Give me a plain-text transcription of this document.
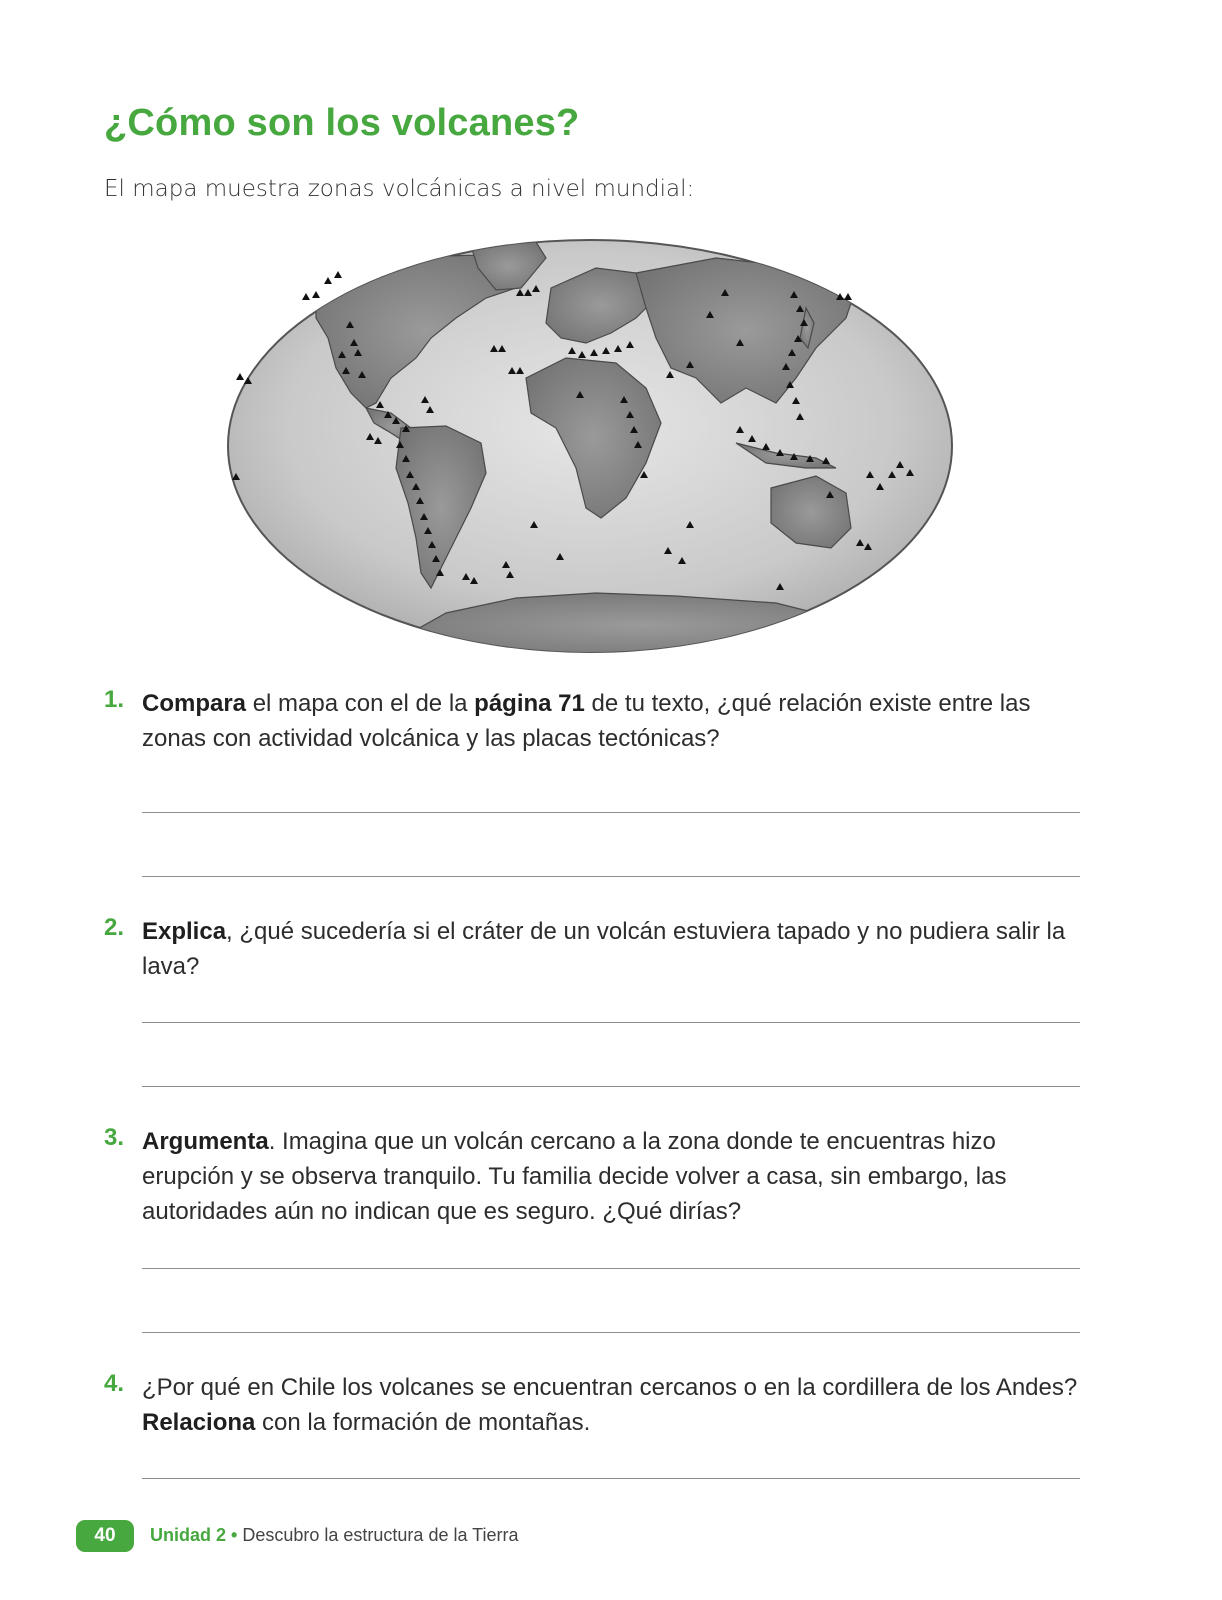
¿Cómo son los volcanes?

El mapa muestra zonas volcánicas a nivel mundial:

1. Compara el mapa con el de la página 71 de tu texto, ¿qué relación existe entre las zonas con actividad volcánica y las placas tectónicas?

2. Explica, ¿qué sucedería si el cráter de un volcán estuviera tapado y no pudiera salir la lava?

3. Argumenta. Imagina que un volcán cercano a la zona donde te encuentras hizo erupción y se observa tranquilo. Tu familia decide volver a casa, sin embargo, las autoridades aún no indican que es seguro. ¿Qué dirías?

4. ¿Por qué en Chile los volcanes se encuentran cercanos o en la cordillera de los Andes? Relaciona con la formación de montañas.

40	Unidad 2 • Descubro la estructura de la Tierra
